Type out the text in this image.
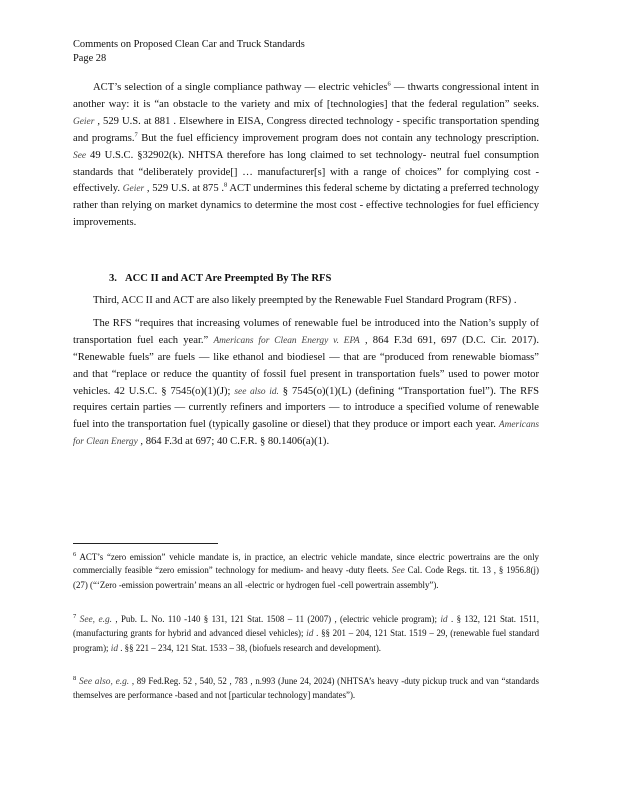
Comments on Proposed Clean Car and Truck Standards
Page 28

ACT’s selection of a single compliance pathway — electric vehicles$^6$ — thwarts congressional intent in another way: it is “an obstacle to the variety and mix of [technologies] that the federal regulation” seeks. Geier , 529 U.S. at 881 . Elsewhere in EISA, Congress directed technology - specific transportation spending and programs.$^7$ But the fuel efficiency improvement program does not contain any technology prescription. See 49 U.S.C. §32902(k). NHTSA therefore has long claimed to set technology- neutral fuel consumption standards that “deliberately provide[] … manufacturer[s] with a range of choices” for complying cost - effectively. Geier , 529 U.S. at 875 .$^8$ ACT undermines this federal scheme by dictating a preferred technology rather than relying on market dynamics to determine the most cost - effective technologies for fuel efficiency improvements.

3. ACC II and ACT Are Preempted By The RFS

Third, ACC II and ACT are also likely preempted by the Renewable Fuel Standard Program (RFS) .

The RFS “requires that increasing volumes of renewable fuel be introduced into the Nation’s supply of transportation fuel each year.” Americans for Clean Energy v. EPA , 864 F.3d 691, 697 (D.C. Cir. 2017). “Renewable fuels” are fuels — like ethanol and biodiesel — that are “produced from renewable biomass” and that “replace or reduce the quantity of fossil fuel present in transportation fuels” used to power motor vehicles. 42 U.S.C. § 7545(o)(1)(J); see also id. § 7545(o)(1)(L) (defining “Transportation fuel”). The RFS requires certain parties — currently refiners and importers — to introduce a specified volume of renewable fuel into the transportation fuel (typically gasoline or diesel) that they produce or import each year. Americans for Clean Energy , 864 F.3d at 697; 40 C.F.R. § 80.1406(a)(1).

$^6$ ACT’s “zero emission” vehicle mandate is, in practice, an electric vehicle mandate, since electric powertrains are the only commercially feasible “zero emission” technology for medium- and heavy -duty fleets. See Cal. Code Regs. tit. 13 , § 1956.8(j)(27) (“‘Zero -emission powertrain’ means an all -electric or hydrogen fuel -cell powertrain assembly”).
$^7$ See, e.g. , Pub. L. No. 110 -140 § 131, 121 Stat. 1508 – 11 (2007) , (electric vehicle program); id . § 132, 121 Stat. 1511, (manufacturing grants for hybrid and advanced diesel vehicles); id . §§ 201 – 204, 121 Stat. 1519 – 29, (renewable fuel standard program); id . §§ 221 – 234, 121 Stat. 1533 – 38, (biofuels research and development).
$^8$ See also, e.g. , 89 Fed.Reg. 52 , 540, 52 , 783 , n.993 (June 24, 2024) (NHTSA’s heavy -duty pickup truck and van “standards themselves are performance -based and not [particular technology] mandates”).
